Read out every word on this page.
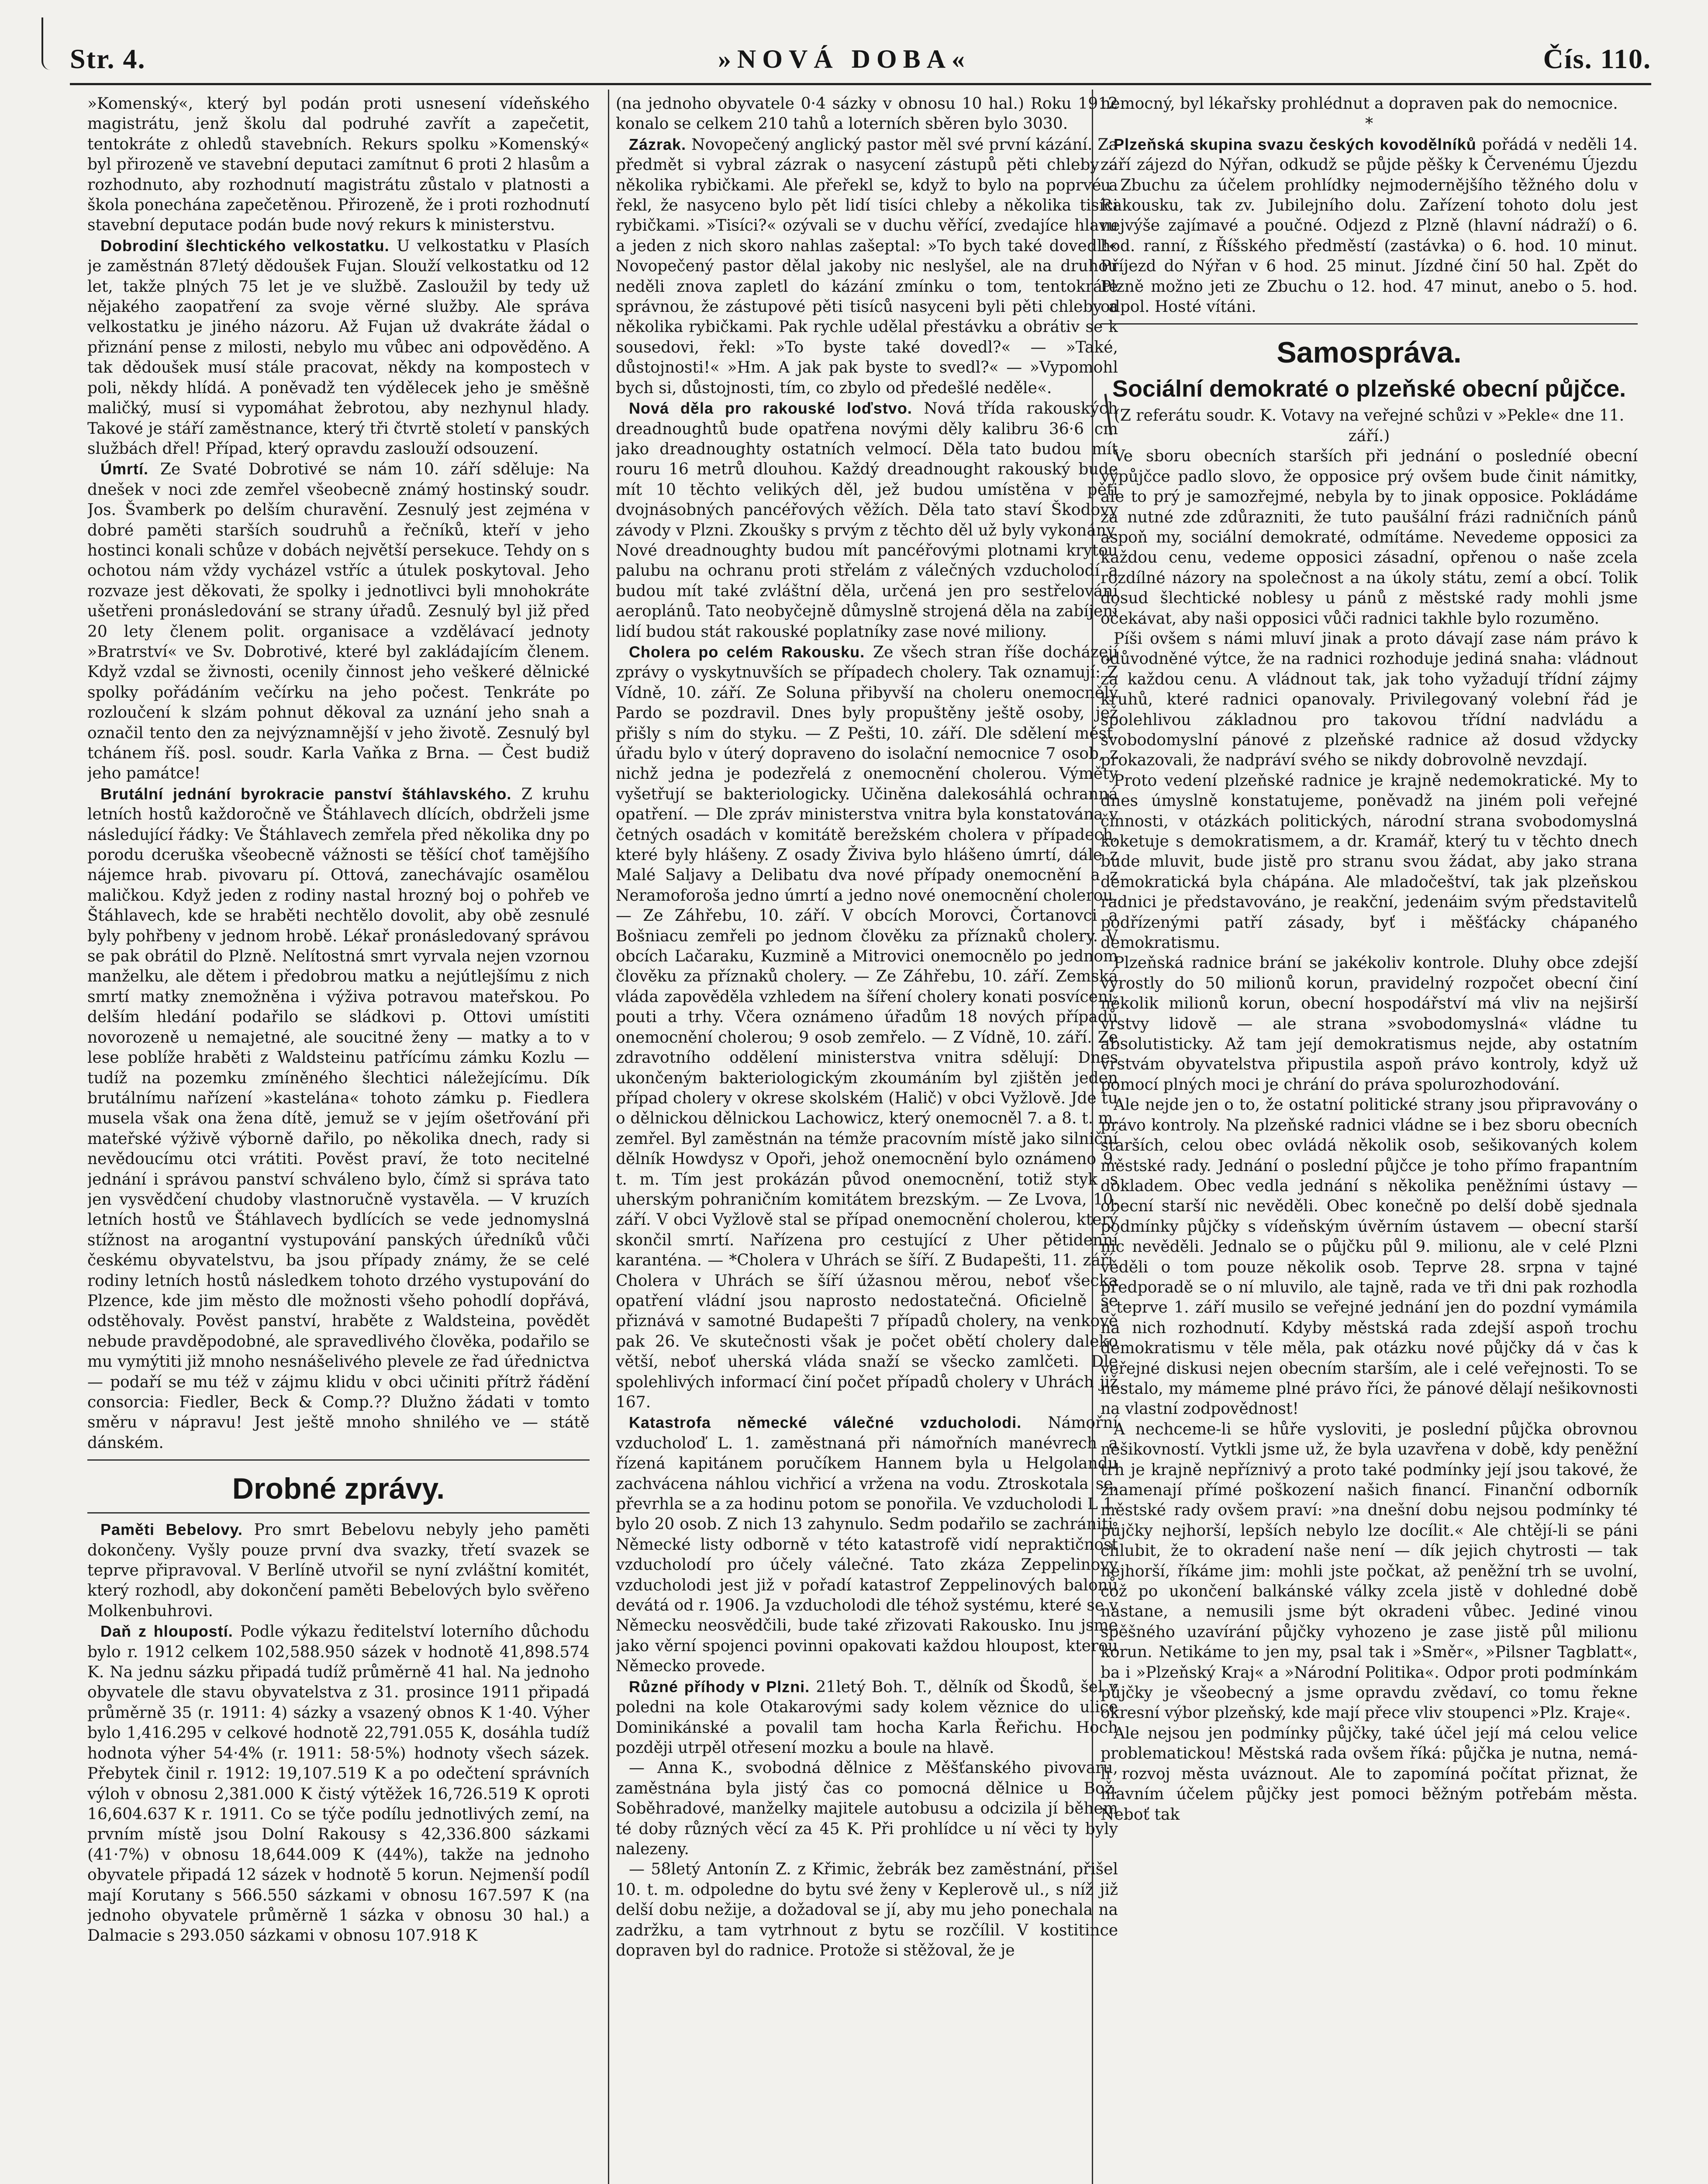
Str. 4.	»NOVÁ DOBA«	Čís. 110.

»Komenský«, který byl podán proti usnesení vídeňského magistrátu, jenž školu dal podruhé zavřít a zapečetit, tentokráte z ohledů stavebních. Rekurs spolku »Komenský« byl přirozeně ve stavební deputaci zamítnut 6 proti 2 hlasům a rozhodnuto, aby rozhodnutí magistrátu zůstalo v platnosti a škola ponechána zapečetěnou. Přirozeně, že i proti rozhodnutí stavební deputace podán bude nový rekurs k ministerstvu.

Dobrodiní šlechtického velkostatku. U velkostatku v Plasích je zaměstnán 87letý dědoušek Fujan. Slouží velkostatku od 12 let, takže plných 75 let je ve službě. Zasloužil by tedy už nějakého zaopatření za svoje věrné služby. Ale správa velkostatku je jiného názoru. Až Fujan už dvakráte žádal o přiznání pense z milosti, nebylo mu vůbec ani odpověděno. A tak dědoušek musí stále pracovat, někdy na kompostech v poli, někdy hlídá. A poněvadž ten výdělecek jeho je směšně maličký, musí si vypomáhat žebrotou, aby nezhynul hlady. Takové je stáří zaměstnance, který tři čtvrtě století v panských službách dřel! Případ, který opravdu zaslouží odsouzení.

Úmrtí. Ze Svaté Dobrotivé se nám 10. září sděluje: Na dnešek v noci zde zemřel všeobecně známý hostinský soudr. Jos. Švamberk po delším churavění. Zesnulý jest zejména v dobré paměti starších soudruhů a řečníků, kteří v jeho hostinci konali schůze v dobách největší persekuce. Tehdy on s ochotou nám vždy vycházel vstříc a útulek poskytoval. Jeho rozvaze jest děkovati, že spolky i jednotlivci byli mnohokráte ušetřeni pronásledování se strany úřadů. Zesnulý byl již před 20 lety členem polit. organisace a vzdělávací jednoty »Bratrství« ve Sv. Dobrotivé, které byl zakládajícím členem. Když vzdal se živnosti, ocenily činnost jeho veškeré dělnické spolky pořádáním večírku na jeho počest. Tenkráte po rozloučení k slzám pohnut děkoval za uznání jeho snah a označil tento den za nejvýznamnější v jeho životě. Zesnulý byl tchánem říš. posl. soudr. Karla Vaňka z Brna. — Čest budiž jeho památce!

Brutální jednání byrokracie panství štáhlavského. Z kruhu letních hostů každoročně ve Štáhlavech dlících, obdrželi jsme následující řádky: Ve Štáhlavech zemřela před několika dny po porodu dceruška všeobecně vážnosti se těšící choť tamějšího nájemce hrab. pivovaru pí. Ottová, zanechávajíc osamělou maličkou. Když jeden z rodiny nastal hrozný boj o pohřeb ve Štáhlavech, kde se hraběti nechtělo dovolit, aby obě zesnulé byly pohřbeny v jednom hrobě. Lékař pronásledovaný správou se pak obrátil do Plzně. Nelítostná smrt vyrvala nejen vzornou manželku, ale dětem i předobrou matku a nejútlejšímu z nich smrtí matky znemožněna i výživa potravou mateřskou. Po delším hledání podařilo se sládkovi p. Ottovi umístiti novorozeně u nemajetné, ale soucitné ženy — matky a to v lese poblíže hraběti z Waldsteinu patřícímu zámku Kozlu — tudíž na pozemku zmíněného šlechtici náležejícímu. Dík brutálnímu nařízení »kastelána« tohoto zámku p. Fiedlera musela však ona žena dítě, jemuž se v jejím ošetřování při mateřské výživě výborně dařilo, po několika dnech, rady si nevědoucímu otci vrátiti. Pověst praví, že toto necitelné jednání i správou panství schváleno bylo, čímž si správa tato jen vysvědčení chudoby vlastnoručně vystavěla. — V kruzích letních hostů ve Štáhlavech bydlících se vede jednomyslná stížnost na arogantní vystupování panských úředníků vůči českému obyvatelstvu, ba jsou případy známy, že se celé rodiny letních hostů následkem tohoto drzého vystupování do Plzence, kde jim město dle možnosti všeho pohodlí dopřává, odstěhovaly. Pověst panství, hraběte z Waldsteina, povědět nebude pravděpodobné, ale spravedlivého člověka, podařilo se mu vymýtiti již mnoho nesnášelivého plevele ze řad úřednictva — podaří se mu též v zájmu klidu v obci učiniti přítrž řádění consorcia: Fiedler, Beck & Comp.?? Dlužno žádati v tomto směru v nápravu! Jest ještě mnoho shnilého ve — státě dánském.

Drobné zprávy.

Paměti Bebelovy. Pro smrt Bebelovu nebyly jeho paměti dokončeny. Vyšly pouze první dva svazky, třetí svazek se teprve připravoval. V Berlíně utvořil se nyní zvláštní komitét, který rozhodl, aby dokončení paměti Bebelových bylo svěřeno Molkenbuhrovi.

Daň z hloupostí. Podle výkazu ředitelství loterního důchodu bylo r. 1912 celkem 102,588.950 sázek v hodnotě 41,898.574 K. Na jednu sázku připadá tudíž průměrně 41 hal. Na jednoho obyvatele dle stavu obyvatelstva z 31. prosince 1911 připadá průměrně 35 (r. 1911: 4) sázky a vsazený obnos K 1·40. Výher bylo 1,416.295 v celkové hodnotě 22,791.055 K, dosáhla tudíž hodnota výher 54·4% (r. 1911: 58·5%) hodnoty všech sázek. Přebytek činil r. 1912: 19,107.519 K a po odečtení správních výloh v obnosu 2,381.000 K čistý výtěžek 16,726.519 K oproti 16,604.637 K r. 1911. Co se týče podílu jednotlivých zemí, na prvním místě jsou Dolní Rakousy s 42,336.800 sázkami (41·7%) v obnosu 18,644.009 K (44%), takže na jednoho obyvatele připadá 12 sázek v hodnotě 5 korun. Nejmenší podíl mají Korutany s 566.550 sázkami v obnosu 167.597 K (na jednoho obyvatele průměrně 1 sázka v obnosu 30 hal.) a Dalmacie s 293.050 sázkami v obnosu 107.918 K

(na jednoho obyvatele 0·4 sázky v obnosu 10 hal.) Roku 1912 konalo se celkem 210 tahů a loterních sběren bylo 3030.

Zázrak. Novopečený anglický pastor měl své první kázání. Za předmět si vybral zázrak o nasycení zástupů pěti chleby a několika rybičkami. Ale přeřekl se, když to bylo na poprvé a řekl, že nasyceno bylo pět lidí tisíci chleby a několika tisíci rybičkami. »Tisíci?« ozývali se v duchu věřící, zvedajíce hlavu a jeden z nich skoro nahlas zašeptal: »To bych také dovedl!« Novopečený pastor dělal jakoby nic neslyšel, ale na druhou neděli znova zapletl do kázání zmínku o tom, tentokráte správnou, že zástupové pěti tisíců nasyceni byli pěti chleby a několika rybičkami. Pak rychle udělal přestávku a obrátiv se k sousedovi, řekl: »To byste také dovedl?« — »Také, důstojnosti!« »Hm. A jak pak byste to svedl?« — »Vypomohl bych si, důstojnosti, tím, co zbylo od předešlé neděle«.

Nová děla pro rakouské loďstvo. Nová třída rakouských dreadnoughtů bude opatřena novými děly kalibru 36·6 cm jako dreadnoughty ostatních velmocí. Děla tato budou mít rouru 16 metrů dlouhou. Každý dreadnought rakouský bude mít 10 těchto velikých děl, jež budou umístěna v pěti dvojnásobných pancéřových věžích. Děla tato staví Škodovy závody v Plzni. Zkoušky s prvým z těchto děl už byly vykonány. Nové dreadnoughty budou mít pancéřovými plotnami krytou palubu na ochranu proti střelám z válečných vzducholodí a budou mít také zvláštní děla, určená jen pro sestřelování aeroplánů. Tato neobyčejně důmyslně strojená děla na zabíjení lidí budou stát rakouské poplatníky zase nové miliony.

Cholera po celém Rakousku. Ze všech stran říše docházejí zprávy o vyskytnuvších se případech cholery. Tak oznamují: Z Vídně, 10. září. Ze Soluna přibyvší na choleru onemocnělý Pardo se pozdravil. Dnes byly propuštěny ještě osoby, jež přišly s ním do styku. — Z Pešti, 10. září. Dle sdělení měst. úřadu bylo v úterý dopraveno do isolační nemocnice 7 osob, z nichž jedna je podezřelá z onemocnění cholerou. Výměty vyšetřují se bakteriologicky. Učiněna dalekosáhlá ochranná opatření. — Dle zpráv ministerstva vnitra byla konstatována v četných osadách v komitátě berežském cholera v případech, které byly hlášeny. Z osady Živiva bylo hlášeno úmrtí, dále z Malé Saljavy a Delibatu dva nové případy onemocnění a z Neramoforoša jedno úmrtí a jedno nové onemocnění cholerou. — Ze Záhřebu, 10. září. V obcích Morovci, Čortanovci a Bošniacu zemřeli po jednom člověku za příznaků cholery. V obcích Lačaraku, Kuzmině a Mitrovici onemocnělo po jednom člověku za příznaků cholery. — Ze Záhřebu, 10. září. Zemská vláda zapověděla vzhledem na šíření cholery konati posvícení, pouti a trhy. Včera oznámeno úřadům 18 nových případů onemocnění cholerou; 9 osob zemřelo. — Z Vídně, 10. září. Ze zdravotního oddělení ministerstva vnitra sdělují: Dnes ukončeným bakteriologickým zkoumáním byl zjištěn jeden případ cholery v okrese skolském (Halič) v obci Vyžlově. Jde tu o dělnickou dělnickou Lachowicz, který onemocněl 7. a 8. t. m. zemřel. Byl zaměstnán na témže pracovním místě jako silniční dělník Howdysz v Opoři, jehož onemocnění bylo oznámeno 9. t. m. Tím jest prokázán původ onemocnění, totiž styk s uherským pohraničním komitátem brezským. — Ze Lvova, 10. září. V obci Vyžlově stal se případ onemocnění cholerou, který skončil smrtí. Nařízena pro cestující z Uher pětidenní karanténa. — *Cholera v Uhrách se šíří. Z Budapešti, 11. září. Cholera v Uhrách se šíří úžasnou měrou, neboť všecka opatření vládní jsou naprosto nedostatečná. Oficielně se přiznává v samotné Budapešti 7 případů cholery, na venkově pak 26. Ve skutečnosti však je počet obětí cholery daleko větší, neboť uherská vláda snaží se všecko zamlčeti. Dle spolehlivých informací činí počet případů cholery v Uhrách již 167.

Katastrofa německé válečné vzducholodi. Námořní vzducholoď L. 1. zaměstnaná při námořních manévrech a řízená kapitánem poručíkem Hannem byla u Helgolandu zachvácena náhlou vichřicí a vržena na vodu. Ztroskotala se, převrhla se a za hodinu potom se ponořila. Ve vzducholodi L 1. bylo 20 osob. Z nich 13 zahynulo. Sedm podařilo se zachrániti. Německé listy odborně v této katastrofě vidí nepraktičnost vzducholodí pro účely válečné. Tato zkáza Zeppelinovy vzducholodi jest již v pořadí katastrof Zeppelinových balonů devátá od r. 1906. Ja vzducholodi dle téhož systému, které se v Německu neosvědčili, bude také zřizovati Rakousko. Inu jsme jako věrní spojenci povinni opakovati každou hloupost, kterou Německo provede.

Různé příhody v Plzni. 21letý Boh. T., dělník od Škodů, šel v poledni na kole Otakarovými sady kolem věznice do ulice Dominikánské a povalil tam hocha Karla Řeřichu. Hoch později utrpěl otřesení mozku a boule na hlavě.

— Anna K., svobodná dělnice z Měšťanského pivovaru, zaměstnána byla jistý čas co pomocná dělnice u Bož. Soběhradové, manželky majitele autobusu a odcizila jí během té doby různých věcí za 45 K. Při prohlídce u ní věci ty byly nalezeny.

— 58letý Antonín Z. z Křimic, žebrák bez zaměstnání, přišel 10. t. m. odpoledne do bytu své ženy v Keplerově ul., s níž již delší dobu nežije, a dožadoval se jí, aby mu jeho ponechala na zadržku, a tam vytrhnout z bytu se rozčílil. V kostitince dopraven byl do radnice. Protože si stěžoval, že je

nemocný, byl lékařsky prohlédnut a dopraven pak do nemocnice.

*

Plzeňská skupina svazu českých kovodělníků pořádá v neděli 14. září zájezd do Nýřan, odkudž se půjde pěšky k Červenému Újezdu u Zbuchu za účelem prohlídky nejmodernějšího těžného dolu v Rakousku, tak zv. Jubilejního dolu. Zařízení tohoto dolu jest nejvýše zajímavé a poučné. Odjezd z Plzně (hlavní nádraží) o 6. hod. ranní, z Říšského předměstí (zastávka) o 6. hod. 10 minut. Příjezd do Nýřan v 6 hod. 25 minut. Jízdné činí 50 hal. Zpět do Plzně možno jeti ze Zbuchu o 12. hod. 47 minut, anebo o 5. hod. odpol. Hosté vítáni.

Samospráva.
Sociální demokraté o plzeňské obecní půjčce.

(Z referátu soudr. K. Votavy na veřejné schůzi v »Pekle« dne 11. září.)

Ve sboru obecních starších při jednání o posledníé obecní výpůjčce padlo slovo, že opposice prý ovšem bude činit námitky, ale to prý je samozřejmé, nebyla by to jinak opposice. Pokládáme za nutné zde zdůrazniti, že tuto paušální frázi radničních pánů aspoň my, sociální demokraté, odmítáme. Nevedeme opposici za každou cenu, vedeme opposici zásadní, opřenou o naše zcela rozdílné názory na společnost a na úkoly státu, zemí a obcí. Tolik dosud šlechtické noblesy u pánů z městské rady mohli jsme očekávat, aby naši opposici vůči radnici takhle bylo rozuměno.

Píši ovšem s námi mluví jinak a proto dávají zase nám právo k odůvodněné výtce, že na radnici rozhoduje jediná snaha: vládnout za každou cenu. A vládnout tak, jak toho vyžadují třídní zájmy kruhů, které radnici opanovaly. Privilegovaný volební řád je spolehlivou základnou pro takovou třídní nadvládu a svobodomyslní pánové z plzeňské radnice až dosud vždycky prokazovali, že nadpráví svého se nikdy dobrovolně nevzdají.

Proto vedení plzeňské radnice je krajně nedemokratické. My to dnes úmyslně konstatujeme, poněvadž na jiném poli veřejné činnosti, v otázkách politických, národní strana svobodomyslná koketuje s demokratismem, a dr. Kramář, který tu v těchto dnech bude mluvit, bude jistě pro stranu svou žádat, aby jako strana demokratická byla chápána. Ale mladočeštví, tak jak plzeňskou radnici je představováno, je reakční, jedenáim svým představitelů podřízenými patří zásady, byť i měšťácky chápaného demokratismu.

Plzeňská radnice brání se jakékoliv kontrole. Dluhy obce zdejší vyrostly do 50 milionů korun, pravidelný rozpočet obecní činí několik milionů korun, obecní hospodářství má vliv na nejširší vrstvy lidově — ale strana »svobodomyslná« vládne tu absolutisticky. Až tam její demokratismus nejde, aby ostatním vrstvám obyvatelstva připustila aspoň právo kontroly, když už pomocí plných moci je chrání do práva spolurozhodování.

Ale nejde jen o to, že ostatní politické strany jsou připravovány o právo kontroly. Na plzeňské radnici vládne se i bez sboru obecních starších, celou obec ovládá několik osob, sešikovaných kolem městské rady. Jednání o poslední půjčce je toho přímo frapantním dokladem. Obec vedla jednání s několika peněžními ústavy — obecní starší nic nevěděli. Obec konečně po delší době sjednala podmínky půjčky s vídeňským úvěrním ústavem — obecní starší nic nevěděli. Jednalo se o půjčku půl 9. milionu, ale v celé Plzni věděli o tom pouze několik osob. Teprve 28. srpna v tajné předporadě se o ní mluvilo, ale tajně, rada ve tři dni pak rozhodla a teprve 1. září musilo se veřejné jednání jen do pozdní vymámila na nich rozhodnutí. Kdyby městská rada zdejší aspoň trochu demokratismu v těle měla, pak otázku nové půjčky dá v čas k veřejné diskusi nejen obecním starším, ale i celé veřejnosti. To se nestalo, my mámeme plné právo říci, že pánové dělají nešikovnosti na vlastní zodpovědnost!

A nechceme-li se hůře vysloviti, je poslední půjčka obrovnou nešikovností. Vytkli jsme už, že byla uzavřena v době, kdy peněžní trh je krajně nepříznivý a proto také podmínky její jsou takové, že znamenají přímé poškození našich financí. Finanční odborník městské rady ovšem praví: »na dnešní dobu nejsou podmínky té půjčky nejhorší, lepších nebylo lze docílit.« Ale chtějí-li se páni chlubit, že to okradení naše není — dík jejich chytrosti — tak nejhorší, říkáme jim: mohli jste počkat, až peněžní trh se uvolní, což po ukončení balkánské války zcela jistě v dohledné době nastane, a nemusili jsme být okradeni vůbec. Jediné vinou spěšného uzavírání půjčky vyhozeno je zase jistě půl milionu korun. Netikáme to jen my, psal tak i »Směr«, »Pilsner Tagblatt«, ba i »Plzeňský Kraj« a »Národní Politika«. Odpor proti podmínkám půjčky je všeobecný a jsme opravdu zvědaví, co tomu řekne okresní výbor plzeňský, kde mají přece vliv stoupenci »Plz. Kraje«.

Ale nejsou jen podmínky půjčky, také účel její má celou velice problematickou! Městská rada ovšem říká: půjčka je nutna, nemá-li rozvoj města uváznout. Ale to zapomíná počítat přiznat, že hlavním účelem půjčky jest pomoci běžným potřebám města. Neboť tak
